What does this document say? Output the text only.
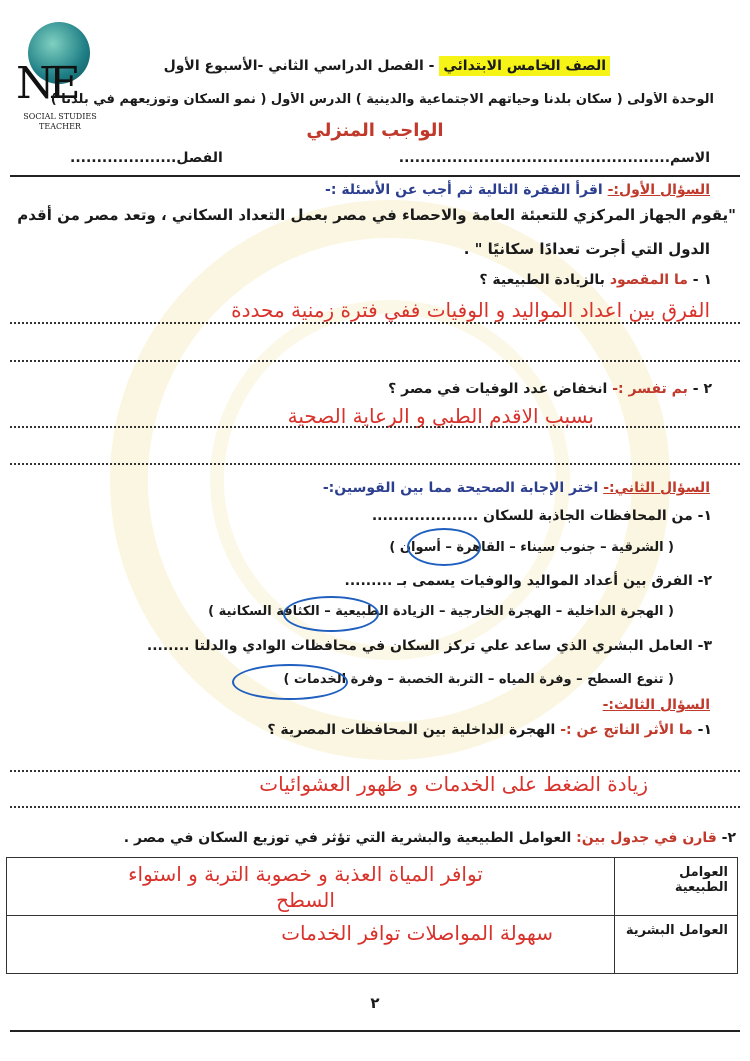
NE
SOCIAL STUDIES
TEACHER
الصف الخامس الابتدائي - الفصل الدراسي الثاني -الأسبوع الأول
الوحدة الأولى ( سكان بلدنا وحياتهم الاجتماعية والدينية ) الدرس الأول ( نمو السكان وتوزيعهم في بلدنا )
الواجب المنزلي
الاسم...................................................
الفصل....................
السؤال الأول:- اقرأ الفقرة التالية ثم أجب عن الأسئلة :-
"يقوم الجهاز المركزي للتعبئة العامة والاحصاء في مصر بعمل التعداد السكاني ، وتعد مصر من أقدم
الدول التي أجرت تعدادًا سكانيًا " .
١ - ما المقصود بالزيادة الطبيعية ؟
الفرق بين اعداد المواليد و الوفيات ففي فترة زمنية محددة
٢ - بم تفسر :- انخفاض عدد الوفيات في مصر ؟
بسبب الاقدم الطبي و الرعاية الصحية
السؤال الثاني:- اختر الإجابة الصحيحة مما بين القوسين:-
١- من المحافظات الجاذبة للسكان ....................
( الشرقية – جنوب سيناء – القاهرة – أسوان )
٢- الفرق بين أعداد المواليد والوفيات يسمى بـ .........
( الهجرة الداخلية – الهجرة الخارجية – الزيادة الطبيعية – الكثافة السكانية )
٣- العامل البشري الذي ساعد علي تركز السكان في محافظات الوادي والدلتا ........
( تنوع السطح – وفرة المياه – التربة الخصبة – وفرة الخدمات )
السؤال الثالث:-
١- ما الأثر الناتج عن :- الهجرة الداخلية بين المحافظات المصرية ؟
زيادة الضغط على الخدمات و ظهور العشوائيات
٢- قارن في جدول بين: العوامل الطبيعية والبشرية التي تؤثر في توزيع السكان في مصر .
العوامل الطبيعية	توافر المياة العذبة و خصوبة التربة و استواء السطح

العوامل البشرية	سهولة المواصلات توافر الخدمات
٢
